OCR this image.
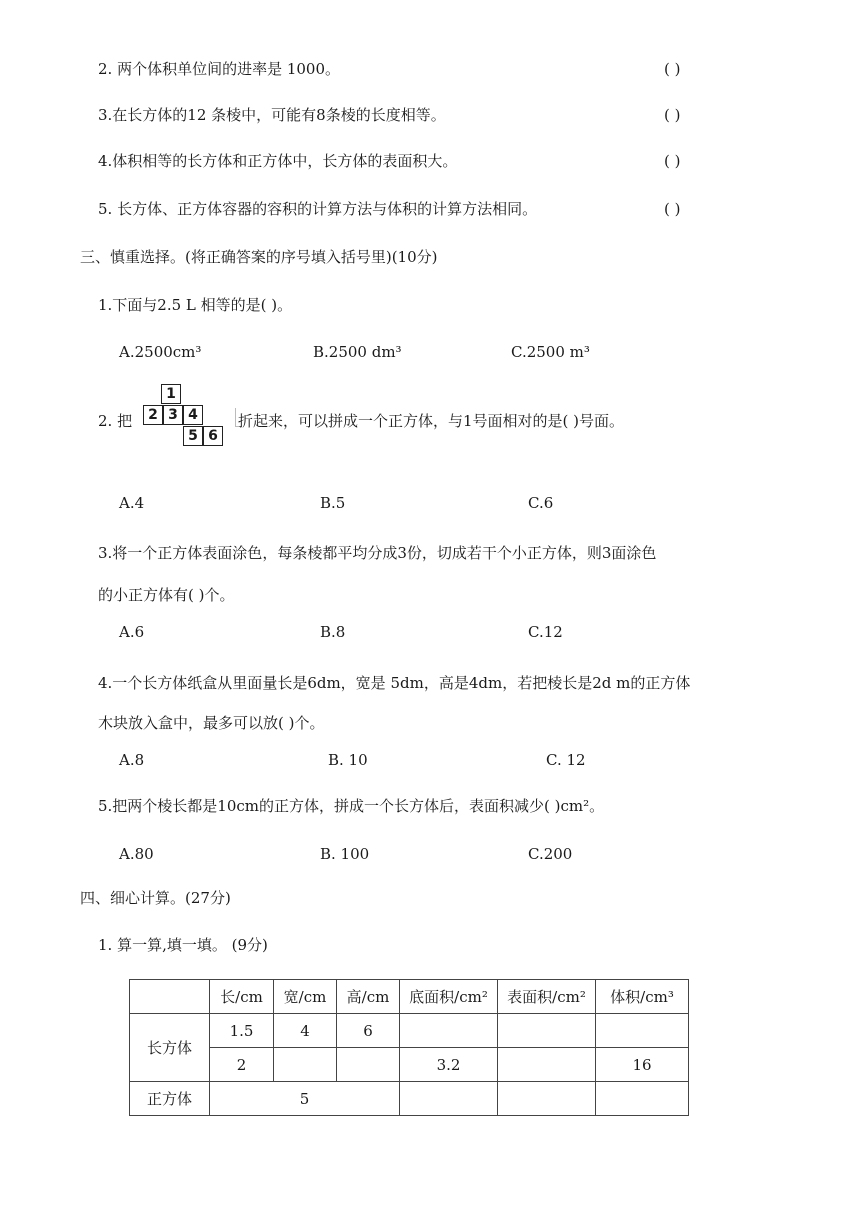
2. 两个体积单位间的进率是 1000。	( )
3.在长方体的12 条棱中，可能有8条棱的长度相等。	( )
4.体积相等的长方体和正方体中，长方体的表面积大。	( )
5. 长方体、正方体容器的容积的计算方法与体积的计算方法相同。	( )
三、慎重选择。(将正确答案的序号填入括号里)(10分)
1.下面与2.5 L 相等的是( )。
A.2500cm³	B.2500 dm³	C.2500 m³
2. 把
1
2 3 4
5 6
折起来，可以拼成一个正方体，与1号面相对的是( )号面。
A.4	B.5	C.6
3.将一个正方体表面涂色，每条棱都平均分成3份，切成若干个小正方体，则3面涂色
的小正方体有( )个。
A.6	B.8	C.12
4.一个长方体纸盒从里面量长是6dm，宽是 5dm，高是4dm，若把棱长是2d m的正方体
木块放入盒中，最多可以放( )个。
A.8	B. 10	C. 12
5.把两个棱长都是10cm的正方体，拼成一个长方体后，表面积减少( )cm²。
A.80	B. 100	C.200
四、细心计算。(27分)
1. 算一算,填一填。 (9分)
	长/cm	宽/cm	高/cm	底面积/cm²	表面积/cm²	体积/cm³
长方体	1.5	4	6			
	2			3.2		16
正方体	5					
